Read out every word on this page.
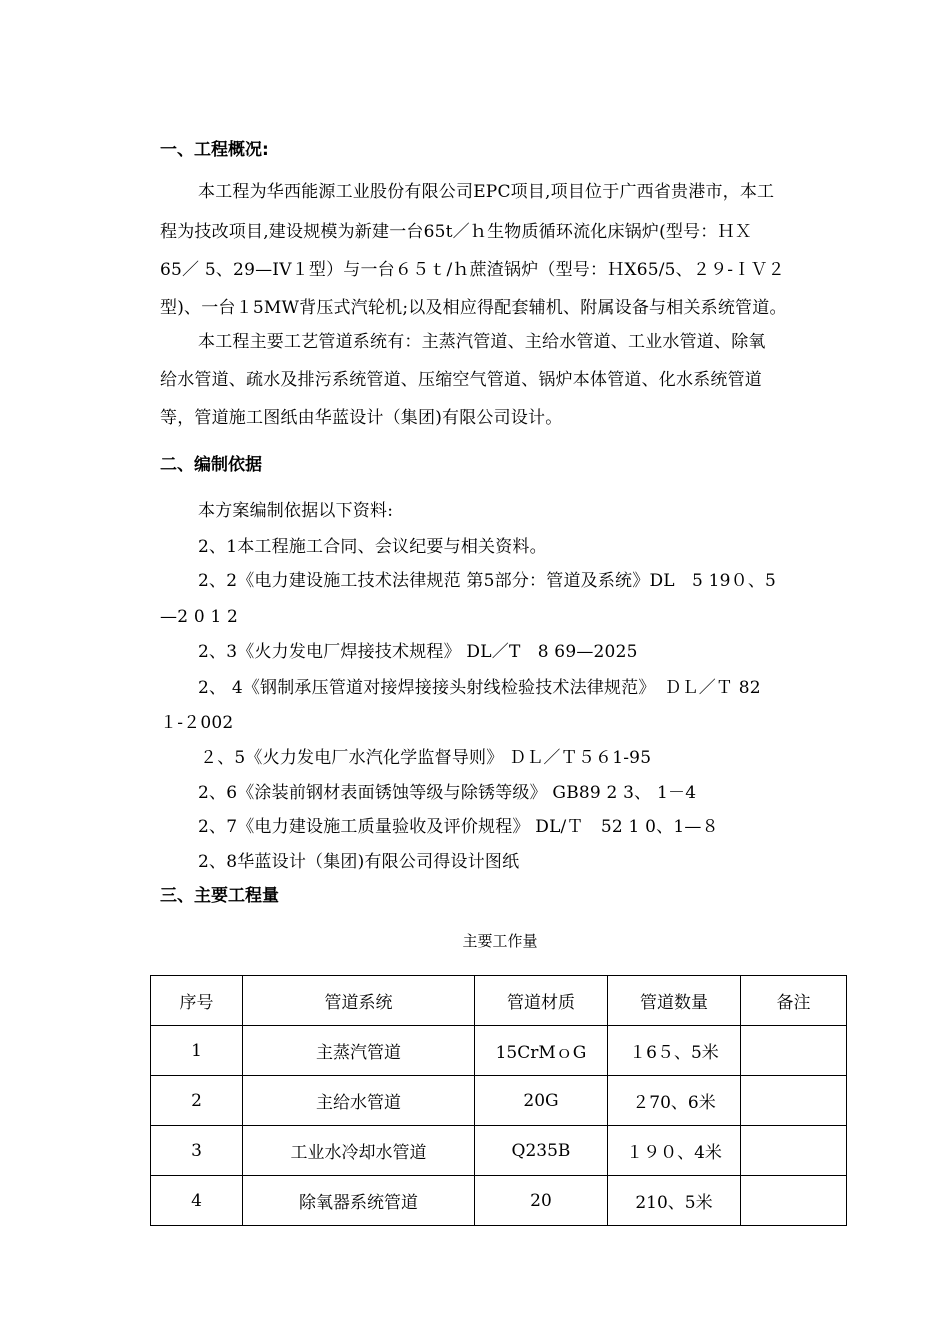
一、工程概况:
本工程为华西能源工业股份有限公司EPC项目,项目位于广西省贵港市，本工
程为技改项目,建设规模为新建一台65t／ｈ生物质循环流化床锅炉(型号：ＨＸ
65／ 5、29—IV１型）与一台６５ｔ/ｈ蔗渣锅炉（型号：ＨX65/5、２９-ＩＶ２
型)、一台１5MW背压式汽轮机;以及相应得配套辅机、附属设备与相关系统管道。
本工程主要工艺管道系统有：主蒸汽管道、主给水管道、工业水管道、除氧
给水管道、疏水及排污系统管道、压缩空气管道、锅炉本体管道、化水系统管道
等，管道施工图纸由华蓝设计（集团)有限公司设计。
二、编制依据
本方案编制依据以下资料:
2、1本工程施工合同、会议纪要与相关资料。
2、2《电力建设施工技术法律规范 第5部分：管道及系统》DL　5 19０、5
—2 0 1 2
2、3《火力发电厂焊接技术规程》 DL／T　8 69—2025
2、 4《钢制承压管道对接焊接接头射线检验技术法律规范》　ＤＬ／Ｔ 82
１-２002
２、5《火力发电厂水汽化学监督导则》 ＤＬ／Ｔ５６1-95
2、6《涂装前钢材表面锈蚀等级与除锈等级》 GB89 2 3、 1－4
2、7《电力建设施工质量验收及评价规程》 DL/Ｔ　52 1 0、1—８
2、8华蓝设计（集团)有限公司得设计图纸
三、主要工程量
主要工作量
序号	管道系统	管道材质	管道数量	备注
1	主蒸汽管道	15CrMｏG	１6５、5米	
2	主给水管道	20G	２70、6米	
3	工业水冷却水管道	Q235B	１９０、4米	
4	除氧器系统管道	20	210、5米	
